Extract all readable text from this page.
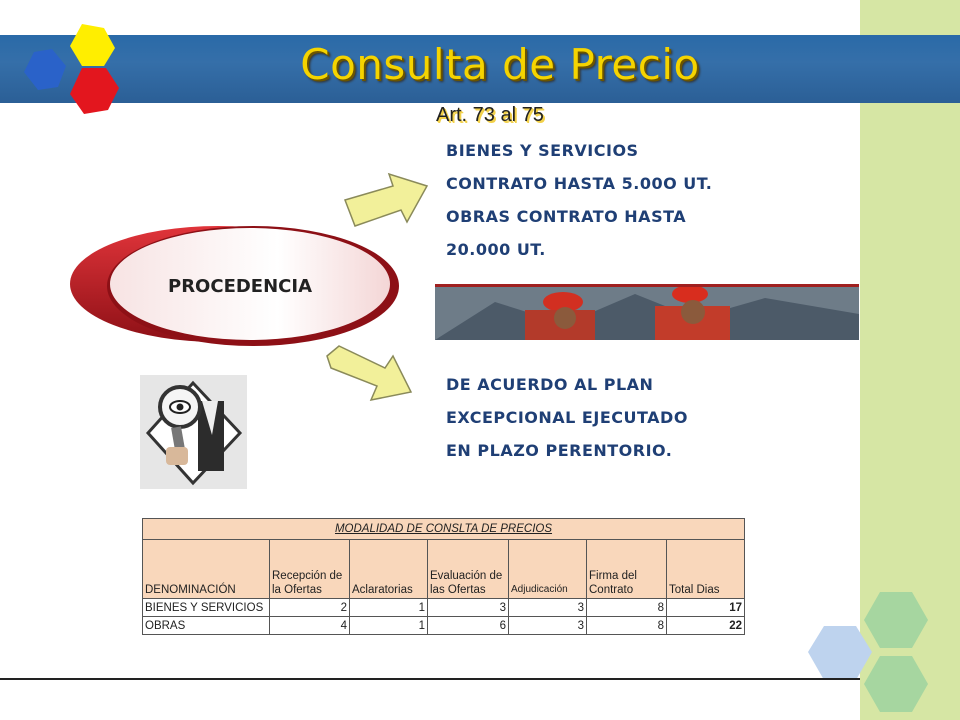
Consulta de Precio
Art. 73 al 75
BIENES Y SERVICIOS
CONTRATO HASTA 5.00O UT.
OBRAS CONTRATO HASTA
20.000 UT.
PROCEDENCIA
DE ACUERDO AL PLAN
EXCEPCIONAL EJECUTADO
EN PLAZO PERENTORIO.
MODALIDAD DE CONSLTA DE PRECIOS						
DENOMINACIÓN	Recepción de la Ofertas	Aclaratorias	Evaluación de las Ofertas	Adjudicación	Firma del Contrato	Total Dias
BIENES Y SERVICIOS	2	1	3	3	8	17
OBRAS	4	1	6	3	8	22
